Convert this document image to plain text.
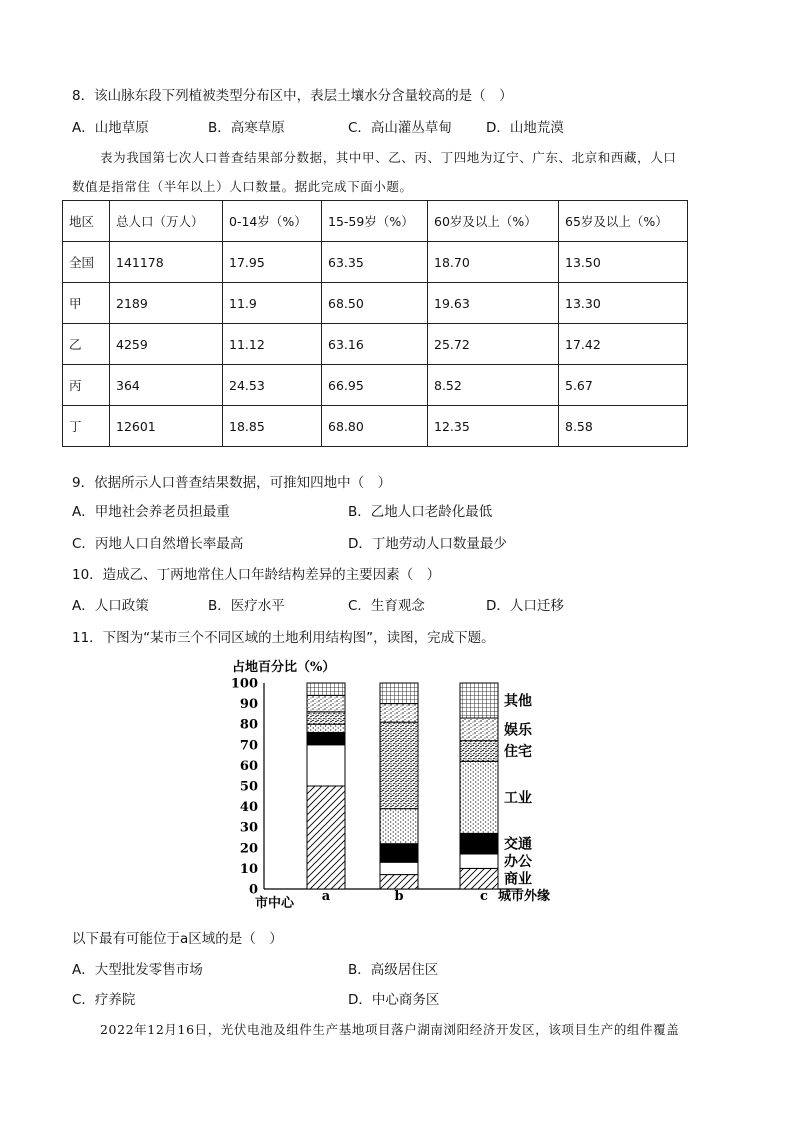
8．该山脉东段下列植被类型分布区中，表层土壤水分含量较高的是（　）
A．山地草原	B．高寒草原	C．高山灌丛草甸	D．山地荒漠
表为我国第七次人口普查结果部分数据，其中甲、乙、丙、丁四地为辽宁、广东、北京和西藏，人口
数值是指常住（半年以上）人口数量。据此完成下面小题。
地区	总人口（万人）	0-14岁（%）	15-59岁（%）	60岁及以上（%）	65岁及以上（%）
全国	141178	17.95	63.35	18.70	13.50
甲	2189	11.9	68.50	19.63	13.30
乙	4259	11.12	63.16	25.72	17.42
丙	364	24.53	66.95	8.52	5.67
丁	12601	18.85	68.80	12.35	8.58
9．依据所示人口普查结果数据，可推知四地中（　）
A．甲地社会养老员担最重	B．乙地人口老龄化最低
C．丙地人口自然增长率最高	D．丁地劳动人口数量最少
10．造成乙、丁两地常住人口年龄结构差异的主要因素（　）
A．人口政策	B．医疗水平	C．生育观念	D．人口迁移
11．下图为“某市三个不同区域的土地利用结构图”，读图，完成下题。
占地百分比（%）
0
10
20
30
40
50
60
70
80
90
100
商业
办公
交通
工业
住宅
娱乐
其他
a	b	c
市中心	城市外缘
以下最有可能位于a区域的是（　）
A．大型批发零售市场	B．高级居住区
C．疗养院	D．中心商务区
2022年12月16日，光伏电池及组件生产基地项目落户湖南浏阳经济开发区，该项目生产的组件覆盖
